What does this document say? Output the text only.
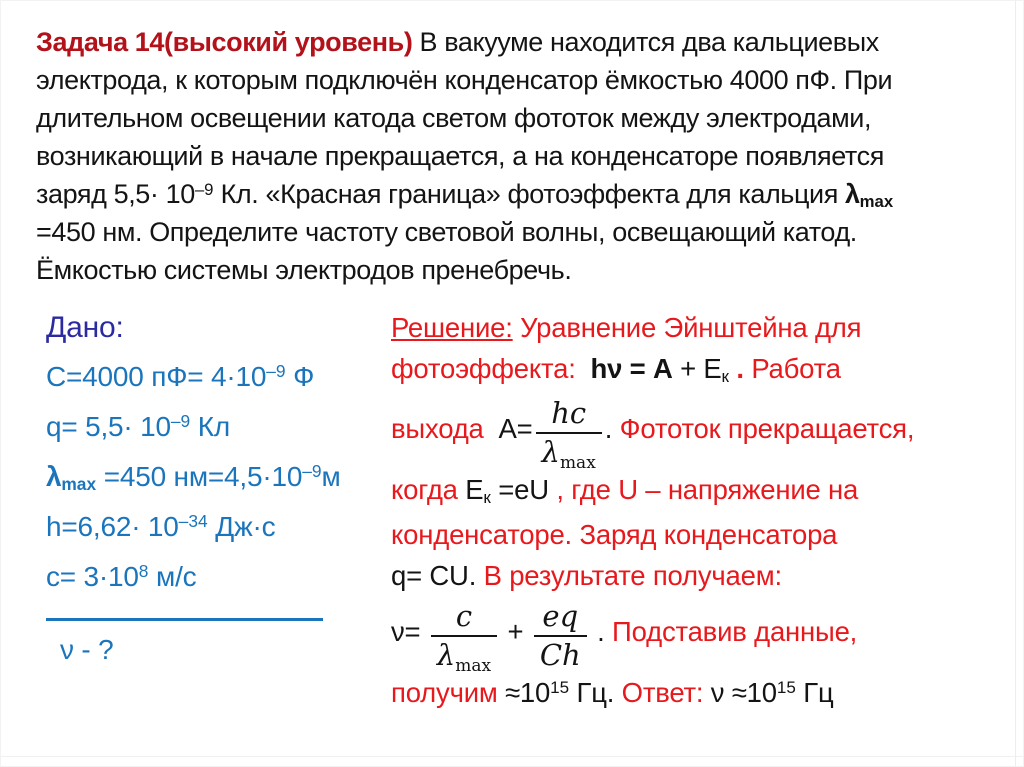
Задача 14(высокий уровень) В вакууме находится два кальциевых
электрода, к которым подключён конденсатор ёмкостью 4000 пФ. При
длительном освещении катода светом фототок между электродами,
возникающий в начале прекращается, а на конденсаторе появляется
заряд $5,5\cdot 10^{-9}$ Кл. «Красная граница» фотоэффекта для кальция λmax
=450 нм. Определите частоту световой волны, освещающий катод.
Ёмкостью системы электродов пренебречь.
Дано:
C=4000 $пФ= 4\cdot 10^{-9}$ Ф
$q= 5,5\cdot 10^{-9}$ Кл
λmax =450 $нм=4,5\cdot 10^{-9}м$
$h=6,62\cdot 10^{-34}$ Дж·с
$c= 3\cdot 10^8$ м/с
ν - ?
Решение: Уравнение Эйнштейна для
фотоэффекта:  hν = A + Eк . Работа
выхода  $A= \frac{hc}{\lambda_{max}}$ . Фототок прекращается,
когда Eк =eU , где U – напряжение на
конденсаторе. Заряд конденсатора
q= CU. В результате получаем:
$\nu= \frac{c}{\lambda_{max}} + \frac{eq}{Ch}$ . Подставив данные,
получим $\approx 10^{15}$ Гц. Ответ: $\nu \approx 10^{15}$ Гц
